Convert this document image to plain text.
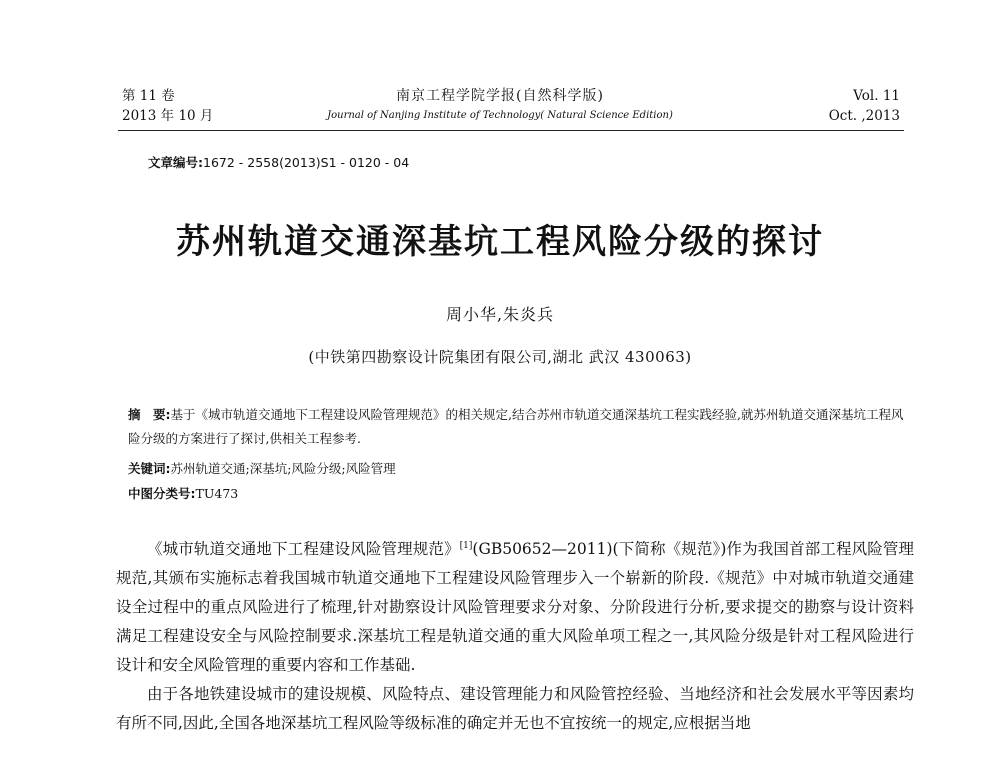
第 11 卷
2013 年 10 月
南京工程学院学报(自然科学版)
Journal of Nanjing Institute of Technology( Natural Science Edition)
Vol. 11
Oct. ,2013
文章编号:1672 - 2558(2013)S1 - 0120 - 04
苏州轨道交通深基坑工程风险分级的探讨
周小华,朱炎兵
(中铁第四勘察设计院集团有限公司,湖北 武汉 430063)
摘　要:基于《城市轨道交通地下工程建设风险管理规范》的相关规定,结合苏州市轨道交通深基坑工程实践经验,就苏州轨道交通深基坑工程风险分级的方案进行了探讨,供相关工程参考.
关键词:苏州轨道交通;深基坑;风险分级;风险管理
中图分类号:TU473

《城市轨道交通地下工程建设风险管理规范》[1](GB50652—2011)(下简称《规范》)作为我国首部工程风险管理规范,其颁布实施标志着我国城市轨道交通地下工程建设风险管理步入一个崭新的阶段.《规范》中对城市轨道交通建设全过程中的重点风险进行了梳理,针对勘察设计风险管理要求分对象、分阶段进行分析,要求提交的勘察与设计资料满足工程建设安全与风险控制要求.深基坑工程是轨道交通的重大风险单项工程之一,其风险分级是针对工程风险进行设计和安全风险管理的重要内容和工作基础.

由于各地铁建设城市的建设规模、风险特点、建设管理能力和风险管控经验、当地经济和社会发展水平等因素均有所不同,因此,全国各地深基坑工程风险等级标准的确定并无也不宜按统一的规定,应根据当地
